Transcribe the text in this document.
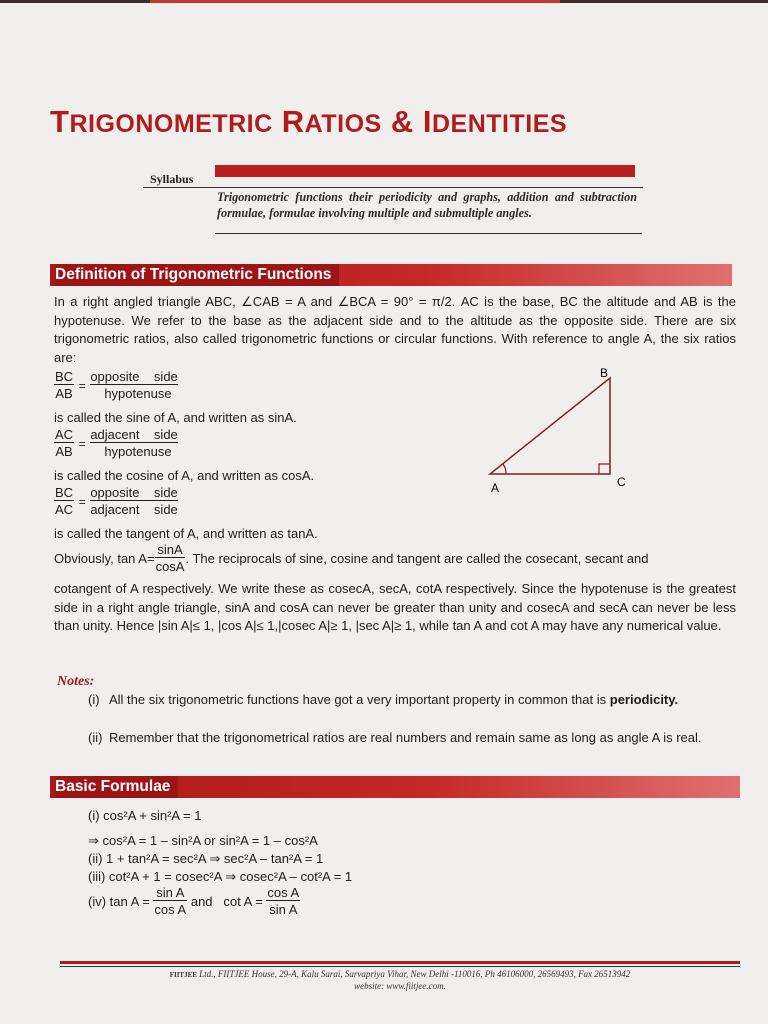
TRIGONOMETRIC RATIOS & IDENTITIES
Syllabus
Trigonometric functions their periodicity and graphs, addition and subtraction formulae, formulae involving multiple and submultiple angles.
Definition of Trigonometric Functions

In a right angled triangle ABC, ∠CAB = A and ∠BCA = 90° = π/2. AC is the base, BC the altitude and AB is the hypotenuse. We refer to the base as the adjacent side and to the altitude as the opposite side. There are six trigonometric ratios, also called trigonometric functions or circular functions. With reference to angle A, the six ratios are:

$\frac{BC}{AB} = \frac{\text{opposite    side}}{\text{hypotenuse}}$
is called the sine of A, and written as sinA.
$\frac{AC}{AB} = \frac{\text{adjacent    side}}{\text{hypotenuse}}$
is called the cosine of A, and written as cosA.
$\frac{BC}{AC} = \frac{\text{opposite    side}}{\text{adjacent    side}}$
is called the tangent of A, and written as tanA.
Obviously, $\tan A= \frac{\sin A}{\cos A}$ . The reciprocals of sine, cosine and tangent are called the cosecant, secant and

cotangent of A respectively. We write these as cosecA, secA, cotA respectively. Since the hypotenuse is the greatest side in a right angle triangle, sinA and cosA can never be greater than unity and cosecA and secA can never be less than unity. Hence |sin A|≤ 1, |cos A|≤ 1,|cosec A|≥ 1, |sec A|≥ 1, while tan A and cot A may have any numerical value.

A
B
C
Notes:
(i) All the six trigonometric functions have got a very important property in common that is periodicity.
(ii) Remember that the trigonometrical ratios are real numbers and remain same as long as angle A is real.
Basic Formulae
(i) cos²A + sin²A = 1
⇒ cos²A = 1 – sin²A or sin²A = 1 – cos²A
(ii) 1 + tan²A = sec²A ⇒ sec²A – tan²A = 1
(iii) cot²A + 1 = cosec²A ⇒ cosec²A – cot²A = 1
(iv) $\tan A = \frac{\text{sin A}}{\text{cos A}}$ and $\cot A = \frac{\text{cos A}}{\text{sin A}}$
FIITJEE Ltd., FIITJEE House, 29-A, Kalu Sarai, Sarvapriya Vihar, New Delhi -110016, Ph 46106000, 26569493, Fax 26513942
website: www.fiitjee.com.
